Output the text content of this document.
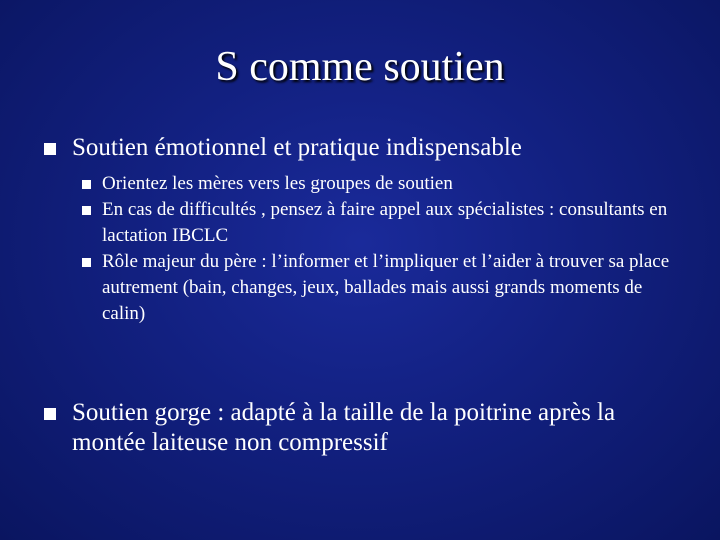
S comme soutien
Soutien émotionnel et pratique indispensable
Orientez les mères vers les groupes de soutien
En cas de difficultés , pensez à faire appel aux spécialistes : consultants en lactation IBCLC
Rôle majeur du père : l’informer et l’impliquer et l’aider à trouver sa place autrement (bain, changes, jeux, ballades mais aussi grands moments de calin)
Soutien gorge : adapté à la taille de la poitrine après la montée laiteuse non compressif
